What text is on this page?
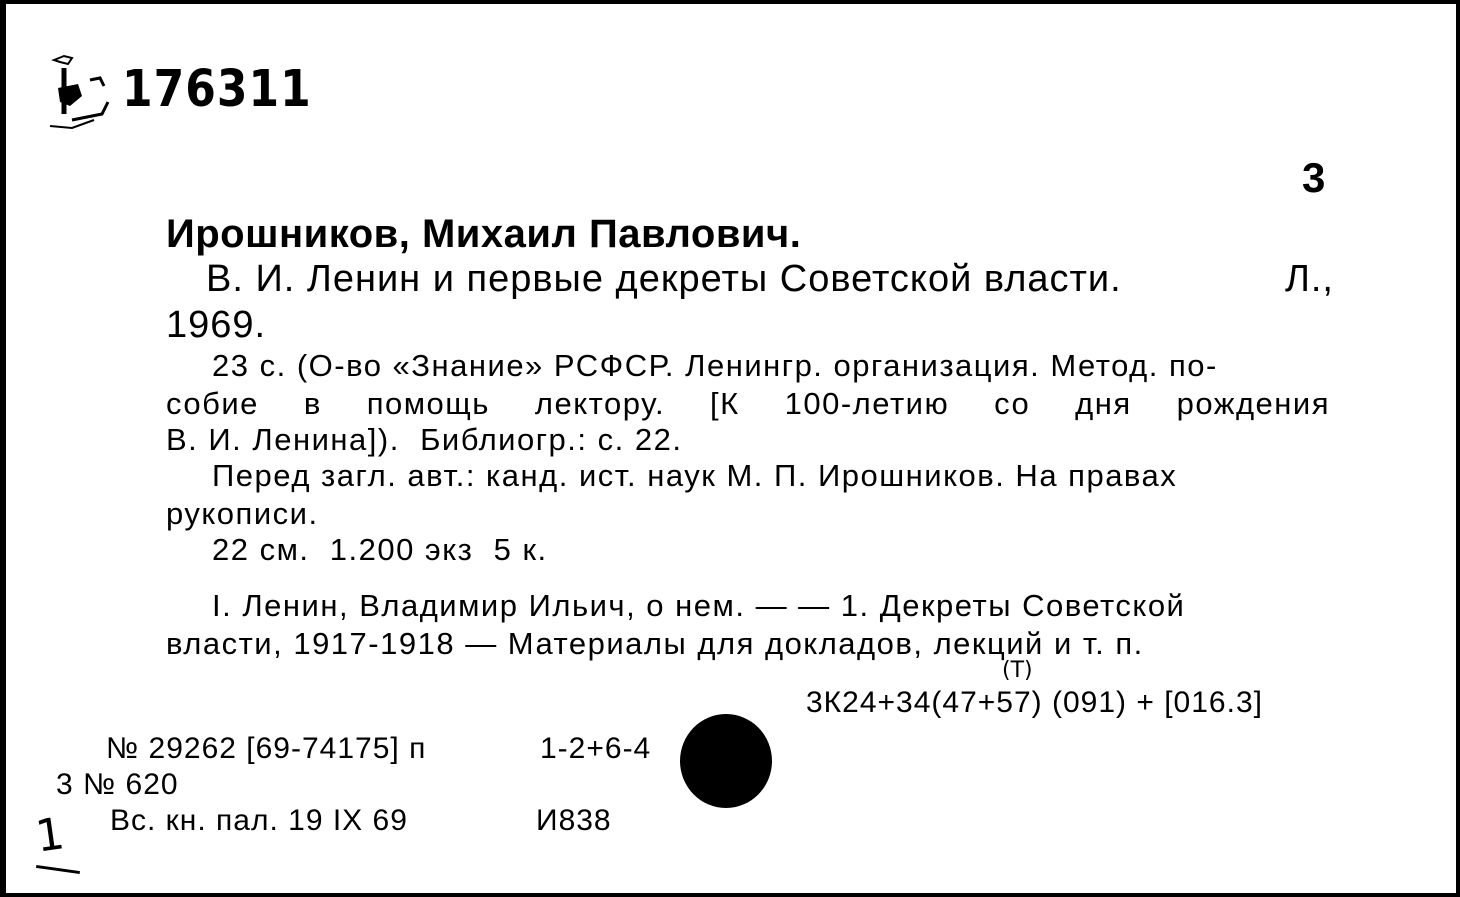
176311
3
Ирошников, Михаил Павлович.
В. И. Ленин и первые декреты Советской власти.	Л.,
1969.
23 с. (О-во «Знание» РСФСР. Ленингр. организация. Метод. по-
собие в помощь лектору. [К 100-летию со дня рождения
В. И. Ленина]).  Библиогр.: с. 22.
Перед загл. авт.: канд. ист. наук М. П. Ирошников. На правах
рукописи.
22 см.  1.200 экз  5 к.
I. Ленин, Владимир Ильич, о нем. — — 1. Декреты Советской
власти, 1917-1918 — Материалы для докладов, лекций и т. п.
(Т)
3К24+34(47+57) (091) + [016.3]
№ 29262 [69-74175] п	1-2+6-4
3 № 620
Вс. кн. пал. 19 IX 69	И838
1
